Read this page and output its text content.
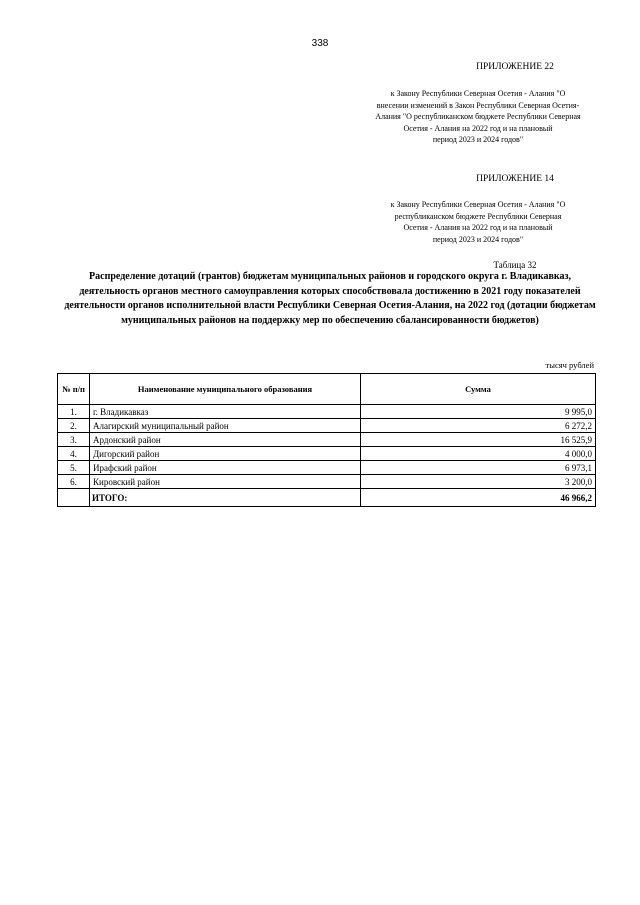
338
ПРИЛОЖЕНИЕ 22
к Закону Республики Северная Осетия - Алания "О
внесении изменений в Закон Республики Северная Осетия-
Алания "О республиканском бюджете Республики Северная
Осетия - Алания на 2022 год и на плановый
период 2023 и 2024 годов"
ПРИЛОЖЕНИЕ 14
к Закону Республики Северная Осетия - Алания "О
республиканском бюджете Республики Северная
Осетия - Алания на 2022 год и на плановый
период 2023 и 2024 годов"
Таблица 32
Распределение дотаций (грантов) бюджетам муниципальных районов и городского округа г. Владикавказ, деятельность органов местного самоуправления которых способствовала достижению в 2021 году показателей деятельности органов исполнительной власти Республики Северная Осетия-Алания, на 2022 год (дотации бюджетам муниципальных районов на поддержку мер по обеспечению сбалансированности бюджетов)
тысяч рублей
№ п/п	Наименование муниципального образования	Сумма
1.	г. Владикавказ	9 995,0
2.	Алагирский муниципальный район	6 272,2
3.	Ардонский район	16 525,9
4.	Дигорский район	4 000,0
5.	Ирафский район	6 973,1
6.	Кировский район	3 200,0
	ИТОГО:	46 966,2
